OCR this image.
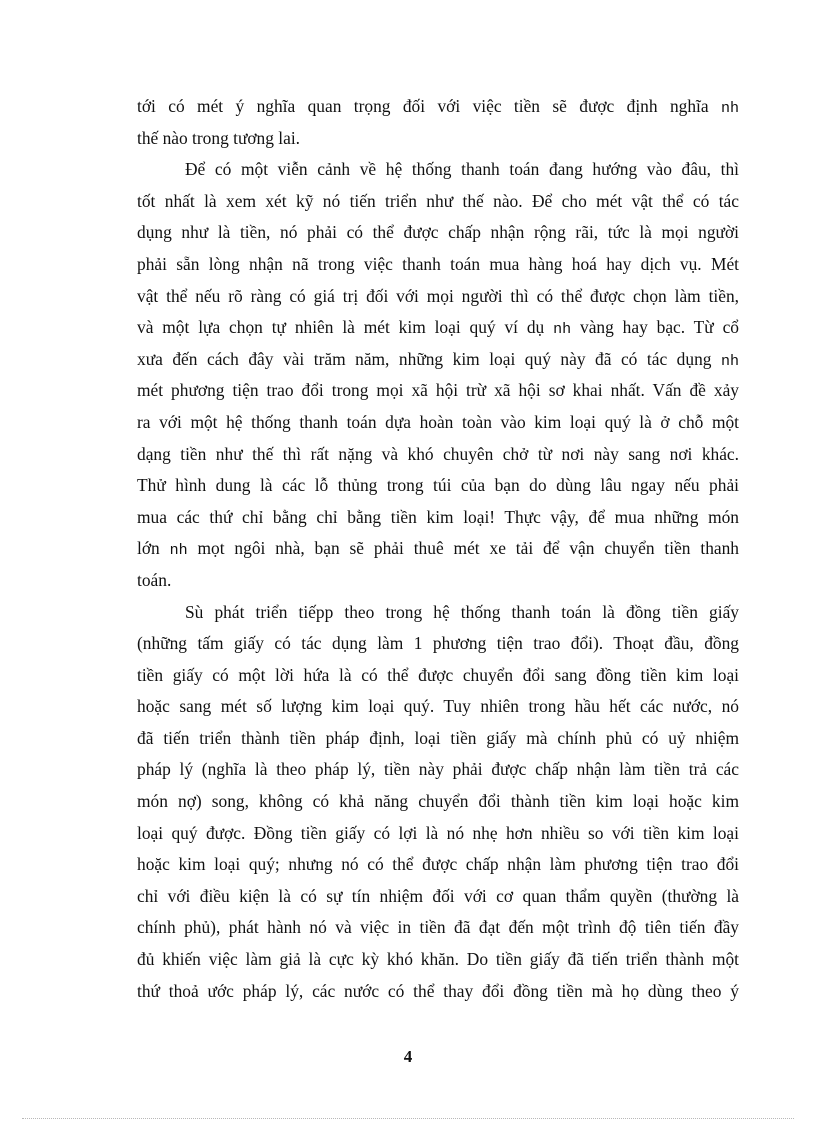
tới có mét ý nghĩa quan trọng đối với việc tiền sẽ được định nghĩa nh
thế nào trong tương lai.
Để có một viễn cảnh về hệ thống thanh toán đang hướng vào đâu, thì
tốt nhất là xem xét kỹ nó tiến triển như thế nào. Để cho mét vật thể có tác
dụng như là tiền, nó phải có thể được chấp nhận rộng rãi, tức là mọi người
phải sẵn lòng nhận nã trong việc thanh toán mua hàng hoá hay dịch vụ. Mét
vật thể nếu rõ ràng có giá trị đối với mọi người thì có thể được chọn làm tiền,
và một lựa chọn tự nhiên là mét kim loại quý ví dụ nh vàng hay bạc. Từ cổ
xưa đến cách đây vài trăm năm, những kim loại quý này đã có tác dụng nh
mét phương tiện trao đổi trong mọi xã hội trừ xã hội sơ khai nhất. Vấn đề xảy
ra với một hệ thống thanh toán dựa hoàn toàn vào kim loại quý là ở chỗ một
dạng tiền như thế thì rất nặng và khó chuyên chở từ nơi này sang nơi khác.
Thử hình dung là các lỗ thủng trong túi của bạn do dùng lâu ngay nếu phải
mua các thứ chỉ bằng chỉ bằng tiền kim loại! Thực vậy, để mua những món
lớn nh mọt ngôi nhà, bạn sẽ phải thuê mét xe tải để vận chuyển tiền thanh
toán.
Sù phát triển tiếpp theo trong hệ thống thanh toán là đồng tiền giấy
(những tấm giấy có tác dụng làm 1 phương tiện trao đổi). Thoạt đầu, đồng
tiền giấy có một lời hứa là có thể được chuyển đổi sang đồng tiền kim loại
hoặc sang mét số lượng kim loại quý. Tuy nhiên trong hầu hết các nước, nó
đã tiến triển thành tiền pháp định, loại tiền giấy mà chính phủ có uỷ nhiệm
pháp lý (nghĩa là theo pháp lý, tiền này phải được chấp nhận làm tiền trả các
món nợ) song, không có khả năng chuyển đổi thành tiền kim loại hoặc kim
loại quý được. Đồng tiền giấy có lợi là nó nhẹ hơn nhiều so với tiền kim loại
hoặc kim loại quý; nhưng nó có thể được chấp nhận làm phương tiện trao đổi
chỉ với điều kiện là có sự tín nhiệm đối với cơ quan thẩm quyền (thường là
chính phủ), phát hành nó và việc in tiền đã đạt đến một trình độ tiên tiến đầy
đủ khiến việc làm giả là cực kỳ khó khăn. Do tiền giấy đã tiến triển thành một
thứ thoả ước pháp lý, các nước có thể thay đổi đồng tiền mà họ dùng theo ý
4
